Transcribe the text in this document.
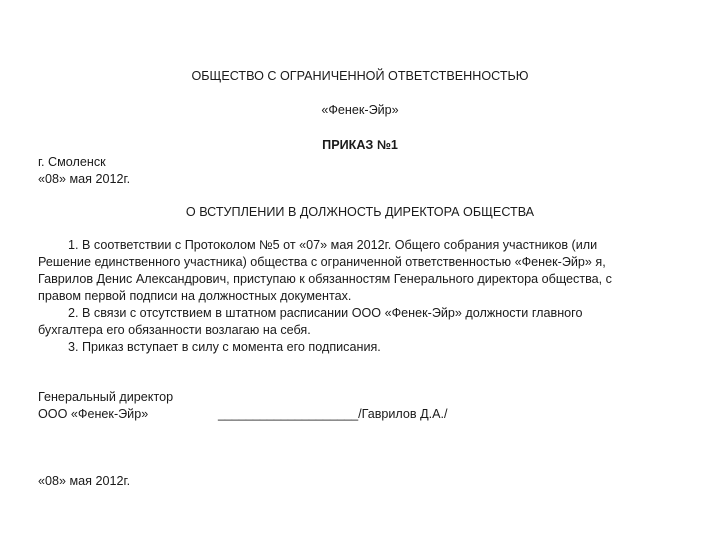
ОБЩЕСТВО С ОГРАНИЧЕННОЙ ОТВЕТСТВЕННОСТЬЮ
«Фенек-Эйр»
ПРИКАЗ №1
г. Смоленск
«08» мая 2012г.
О ВСТУПЛЕНИИ В ДОЛЖНОСТЬ ДИРЕКТОРА ОБЩЕСТВА
1. В соответствии с Протоколом №5 от «07» мая 2012г. Общего собрания участников (или
Решение единственного участника) общества с ограниченной ответственностью «Фенек-Эйр» я,
Гаврилов Денис Александрович, приступаю к обязанностям Генерального директора общества, с
правом первой подписи на должностных документах.
2. В связи с отсутствием в штатном расписании ООО «Фенек-Эйр» должности главного
бухгалтера его обязанности возлагаю на себя.
3. Приказ вступает в силу с момента его подписания.
Генеральный директор
ООО «Фенек-Эйр»	____________________/Гаврилов Д.А./
«08» мая 2012г.
